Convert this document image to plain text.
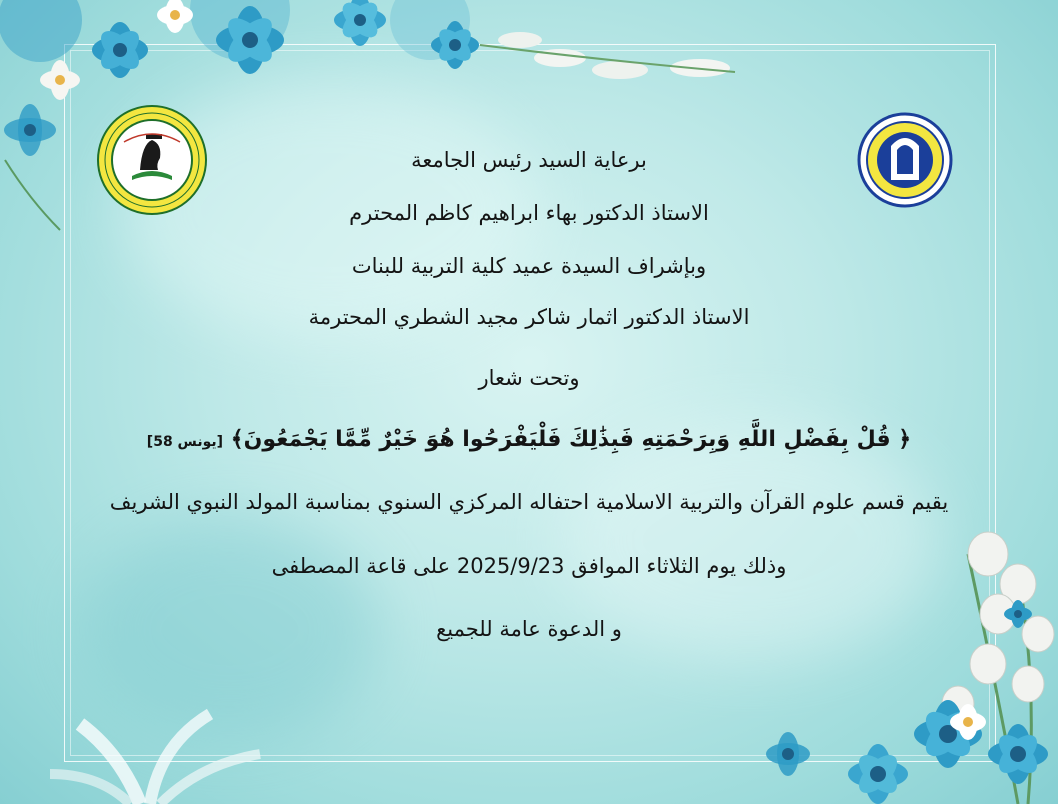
برعاية السيد رئيس الجامعة
الاستاذ الدكتور بهاء ابراهيم كاظم المحترم
وبإشراف السيدة عميد كلية التربية للبنات
الاستاذ الدكتور اثمار شاكر مجيد الشطري المحترمة
وتحت شعار
﴿ قُلْ بِفَضْلِ اللَّهِ وَبِرَحْمَتِهِ فَبِذَٰلِكَ فَلْيَفْرَحُوا هُوَ خَيْرٌ مِّمَّا يَجْمَعُونَ﴾ [يونس 58]
يقيم قسم علوم القرآن والتربية الاسلامية احتفاله المركزي السنوي بمناسبة المولد النبوي الشريف
وذلك يوم الثلاثاء الموافق 2025/9/23 على قاعة المصطفى
و الدعوة عامة للجميع
